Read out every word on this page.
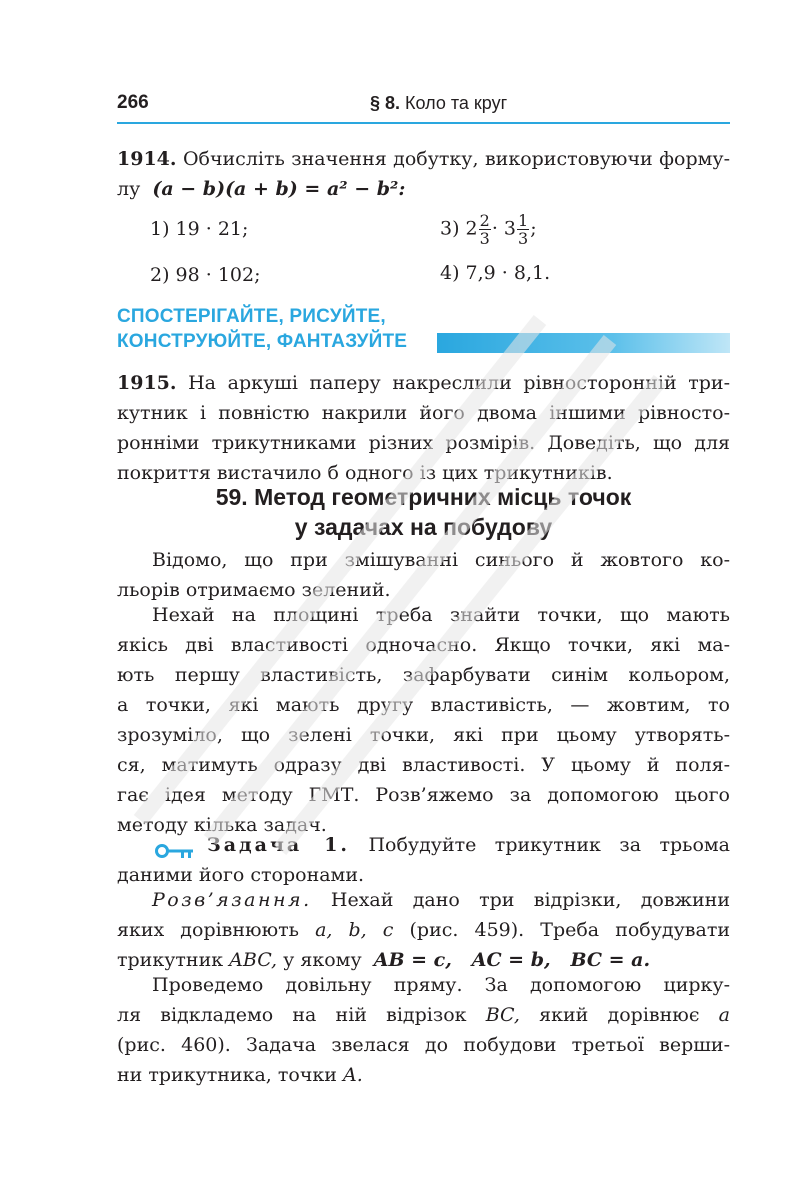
266	§ 8. Коло та круг
1914. Обчисліть значення добутку, використовуючи форму-
лу (a − b)(a + b) = a² − b²:
1) 19 · 21;	3) $2 \frac{2}{3} \cdot 3 \frac{1}{3}$ ;
2) 98 · 102;	4) 7,9 · 8,1.
СПОСТЕРІГАЙТЕ, РИСУЙТЕ,
КОНСТРУЮЙТЕ, ФАНТАЗУЙТЕ
1915. На аркуші паперу накреслили рівносторонній три-
кутник і повністю накрили його двома іншими рівносто-
ронніми трикутниками різних розмірів. Доведіть, що для
покриття вистачило б одного із цих трикутників.
59. Метод геометричних місць точок
у задачах на побудову
Відомо, що при змішуванні синього й жовтого ко-
льорів отримаємо зелений.
Нехай на площині треба знайти точки, що мають
якісь дві властивості одночасно. Якщо точки, які ма-
ють першу властивість, зафарбувати синім кольором,
а точки, які мають другу властивість, — жовтим, то
зрозуміло, що зелені точки, які при цьому утворять-
ся, матимуть одразу дві властивості. У цьому й поля-
гає ідея методу ГМТ. Розв’яжемо за допомогою цього
методу кілька задач.
Задача 1. Побудуйте трикутник за трьома
даними його сторонами.
Розв’язання. Нехай дано три відрізки, довжини
яких дорівнюють a, b, c (рис. 459). Треба побудувати
трикутник ABC, у якому AB = c,   AC = b,   BC = a.
Проведемо довільну пряму. За допомогою цирку-
ля відкладемо на ній відрізок BC, який дорівнює a
(рис. 460). Задача звелася до побудови третьої верши-
ни трикутника, точки A.
